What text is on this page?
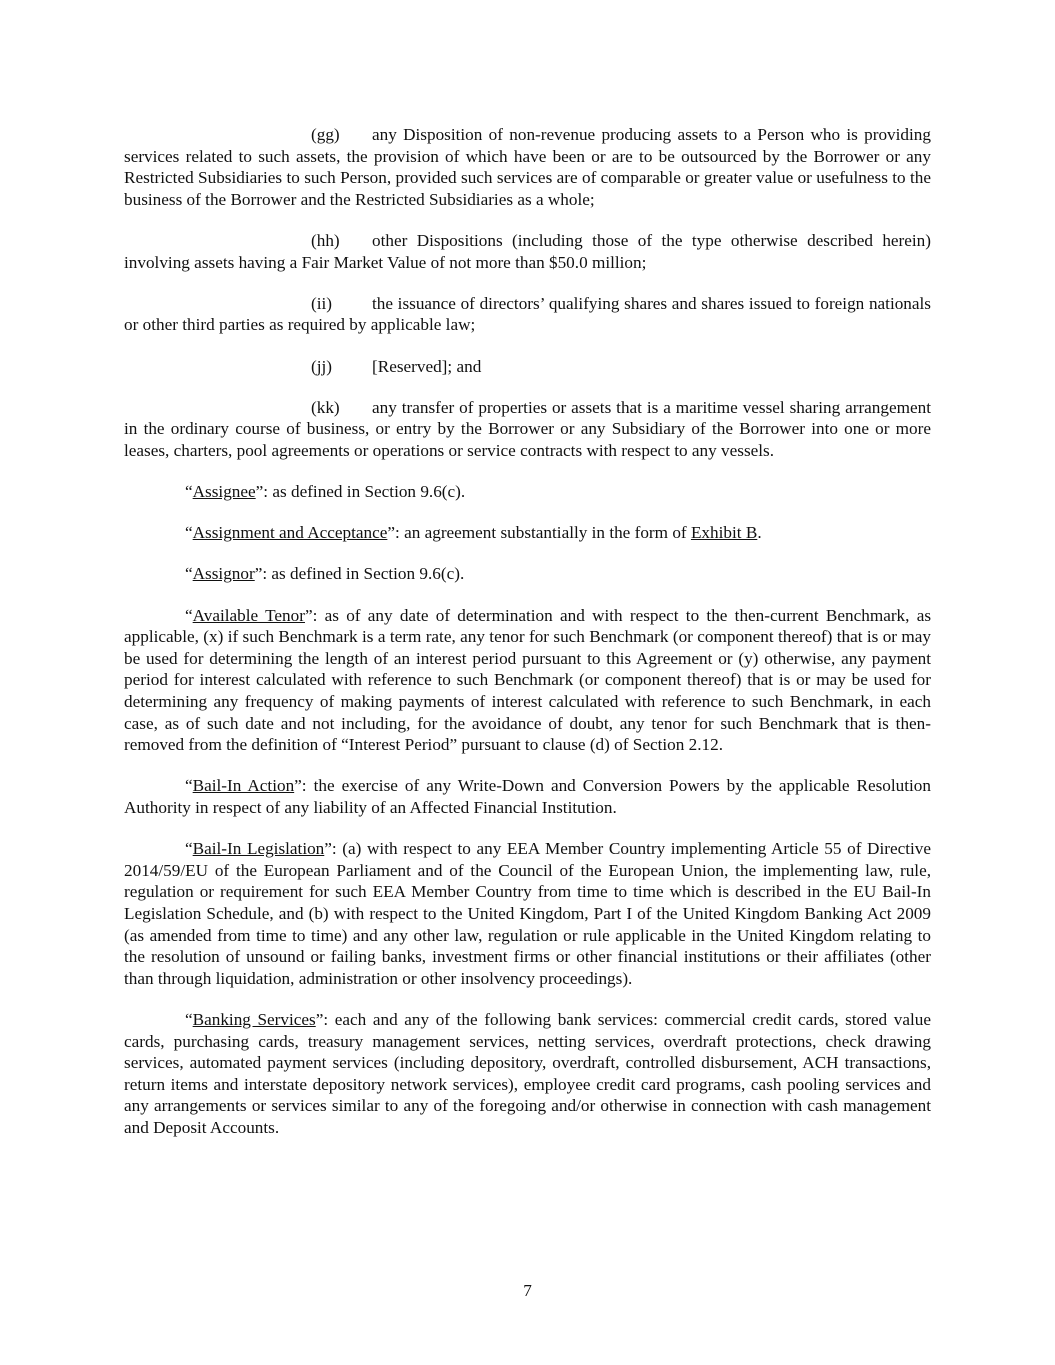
(gg) any Disposition of non-revenue producing assets to a Person who is providing services related to such assets, the provision of which have been or are to be outsourced by the Borrower or any Restricted Subsidiaries to such Person, provided such services are of comparable or greater value or usefulness to the business of the Borrower and the Restricted Subsidiaries as a whole;

(hh) other Dispositions (including those of the type otherwise described herein) involving assets having a Fair Market Value of not more than $50.0 million;

(ii) the issuance of directors’ qualifying shares and shares issued to foreign nationals or other third parties as required by applicable law;

(jj) [Reserved]; and

(kk) any transfer of properties or assets that is a maritime vessel sharing arrangement in the ordinary course of business, or entry by the Borrower or any Subsidiary of the Borrower into one or more leases, charters, pool agreements or operations or service contracts with respect to any vessels.

“Assignee”: as defined in Section 9.6(c).

“Assignment and Acceptance”: an agreement substantially in the form of Exhibit B.

“Assignor”: as defined in Section 9.6(c).

“Available Tenor”: as of any date of determination and with respect to the then-current Benchmark, as applicable, (x) if such Benchmark is a term rate, any tenor for such Benchmark (or component thereof) that is or may be used for determining the length of an interest period pursuant to this Agreement or (y) otherwise, any payment period for interest calculated with reference to such Benchmark (or component thereof) that is or may be used for determining any frequency of making payments of interest calculated with reference to such Benchmark, in each case, as of such date and not including, for the avoidance of doubt, any tenor for such Benchmark that is then-removed from the definition of “Interest Period” pursuant to clause (d) of Section 2.12.

“Bail-In Action”: the exercise of any Write-Down and Conversion Powers by the applicable Resolution Authority in respect of any liability of an Affected Financial Institution.

“Bail-In Legislation”: (a) with respect to any EEA Member Country implementing Article 55 of Directive 2014/59/EU of the European Parliament and of the Council of the European Union, the implementing law, rule, regulation or requirement for such EEA Member Country from time to time which is described in the EU Bail-In Legislation Schedule, and (b) with respect to the United Kingdom, Part I of the United Kingdom Banking Act 2009 (as amended from time to time) and any other law, regulation or rule applicable in the United Kingdom relating to the resolution of unsound or failing banks, investment firms or other financial institutions or their affiliates (other than through liquidation, administration or other insolvency proceedings).

“Banking Services”: each and any of the following bank services: commercial credit cards, stored value cards, purchasing cards, treasury management services, netting services, overdraft protections, check drawing services, automated payment services (including depository, overdraft, controlled disbursement, ACH transactions, return items and interstate depository network services), employee credit card programs, cash pooling services and any arrangements or services similar to any of the foregoing and/or otherwise in connection with cash management and Deposit Accounts.

7
